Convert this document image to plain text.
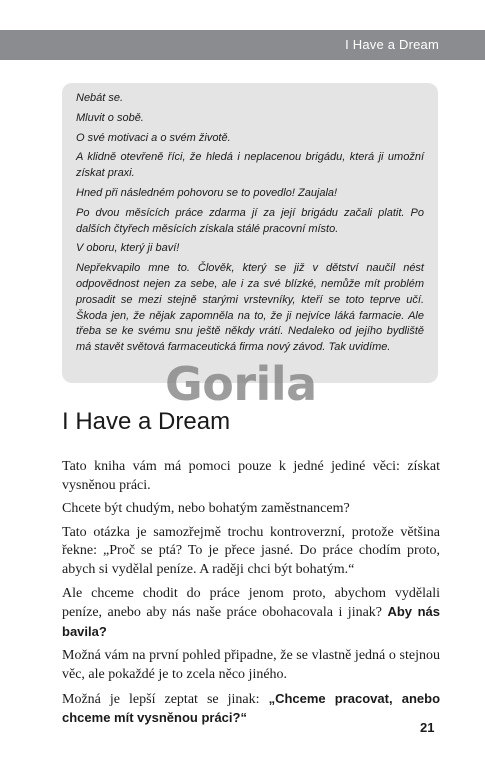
I Have a Dream

Nebát se.

Mluvit o sobě.

O své motivaci a o svém životě.

A klidně otevřeně říci, že hledá i neplacenou brigádu, která ji umožní získat praxi.

Hned při následném pohovoru se to povedlo! Zaujala!

Po dvou měsících práce zdarma jí za její brigádu začali platit. Po dalších čtyřech měsících získala stálé pracovní místo.

V oboru, který ji baví!

Nepřekvapilo mne to. Člověk, který se již v dětství naučil nést odpovědnost nejen za sebe, ale i za své blízké, nemůže mít problém prosadit se mezi stejně starými vrstevníky, kteří se toto teprve učí. Škoda jen, že nějak zapomněla na to, že ji nejvíce láká farmacie. Ale třeba se ke svému snu ještě někdy vrátí. Nedaleko od jejího bydliště má stavět světová farmaceutická firma nový závod. Tak uvidíme.

Gorila
I Have a Dream

Tato kniha vám má pomoci pouze k jedné jediné věci: získat vysněnou práci.

Chcete být chudým, nebo bohatým zaměstnancem?

Tato otázka je samozřejmě trochu kontroverzní, protože většina řekne: „Proč se ptá? To je přece jasné. Do práce chodím proto, abych si vydělal peníze. A raději chci být bohatým.“

Ale chceme chodit do práce jenom proto, abychom vydělali peníze, anebo aby nás naše práce obohacovala i jinak? Aby nás bavila?

Možná vám na první pohled připadne, že se vlastně jedná o stejnou věc, ale pokaždé je to zcela něco jiného.

Možná je lepší zeptat se jinak: „Chceme pracovat, anebo chceme mít vysněnou práci?“

21
